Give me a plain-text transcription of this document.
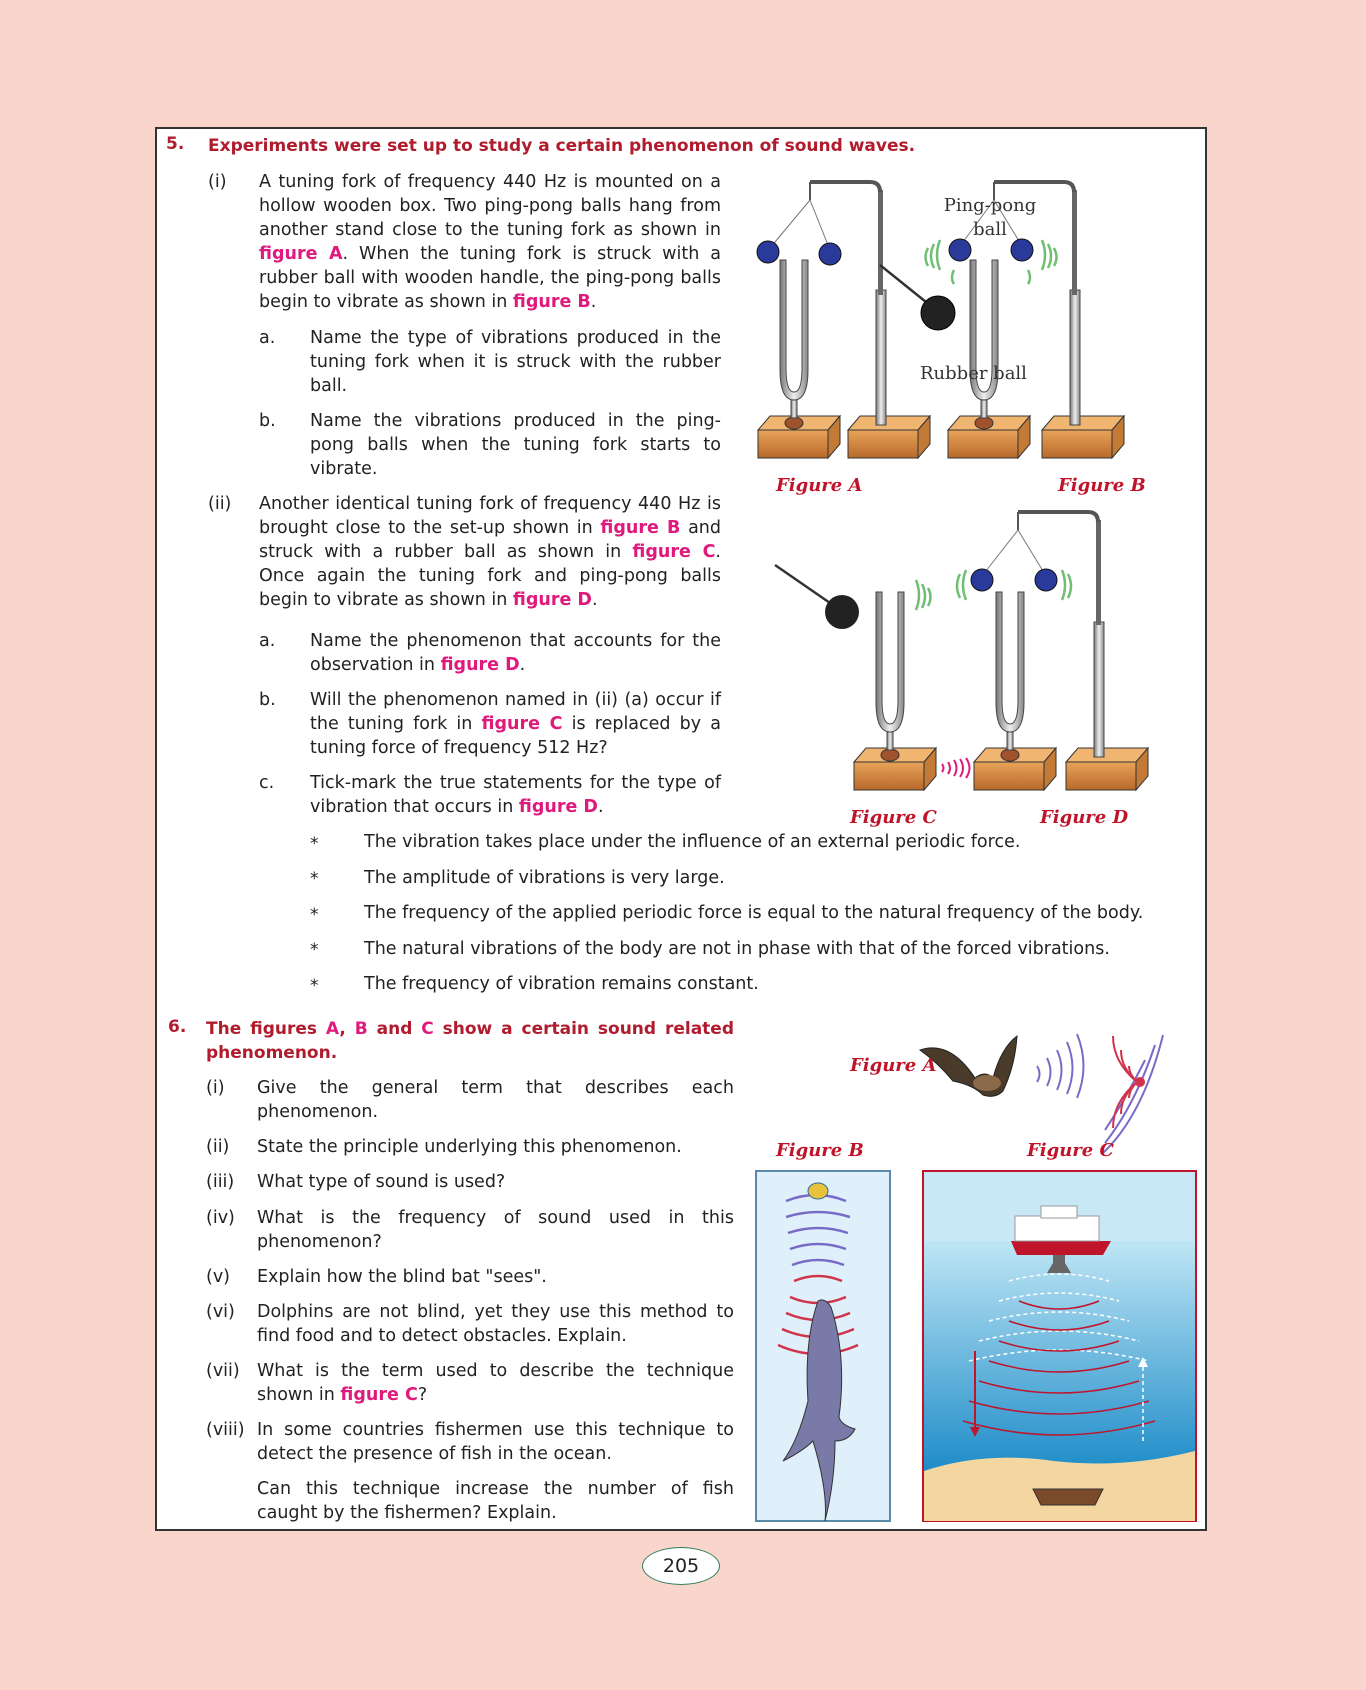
5. Experiments were set up to study a certain phenomenon of sound waves.
(i) A tuning fork of frequency 440 Hz is mounted on a hollow wooden box. Two ping-pong balls hang from another stand close to the tuning fork as shown in figure A. When the tuning fork is struck with a rubber ball with wooden handle, the ping-pong balls begin to vibrate as shown in figure B.
a. Name the type of vibrations produced in the tuning fork when it is struck with the rubber ball.
b. Name the vibrations produced in the ping-pong balls when the tuning fork starts to vibrate.
(ii) Another identical tuning fork of frequency 440 Hz is brought close to the set-up shown in figure B and struck with a rubber ball as shown in figure C. Once again the tuning fork and ping-pong balls begin to vibrate as shown in figure D.
a. Name the phenomenon that accounts for the observation in figure D.
b. Will the phenomenon named in (ii) (a) occur if the tuning fork in figure C is replaced by a tuning force of frequency 512 Hz?
c. Tick-mark the true statements for the type of vibration that occurs in figure D.
*	The vibration takes place under the influence of an external periodic force.
*	The amplitude of vibrations is very large.
*	The frequency of the applied periodic force is equal to the natural frequency of the body.
*	The natural vibrations of the body are not in phase with that of the forced vibrations.
*	The frequency of vibration remains constant.
Ping-pong ball
Rubber ball
Figure A	Figure B
Figure C	Figure D
6. The figures A, B and C show a certain sound related phenomenon.
(i) Give the general term that describes each phenomenon.
(ii) State the principle underlying this phenomenon.
(iii) What type of sound is used?
(iv) What is the frequency of sound used in this phenomenon?
(v) Explain how the blind bat "sees".
(vi) Dolphins are not blind, yet they use this method to find food and to detect obstacles. Explain.
(vii) What is the term used to describe the technique shown in figure C?
(viii) In some countries fishermen use this technique to detect the presence of fish in the ocean.
Can this technique increase the number of fish caught by the fishermen? Explain.
Figure A
Figure B	Figure C
205
